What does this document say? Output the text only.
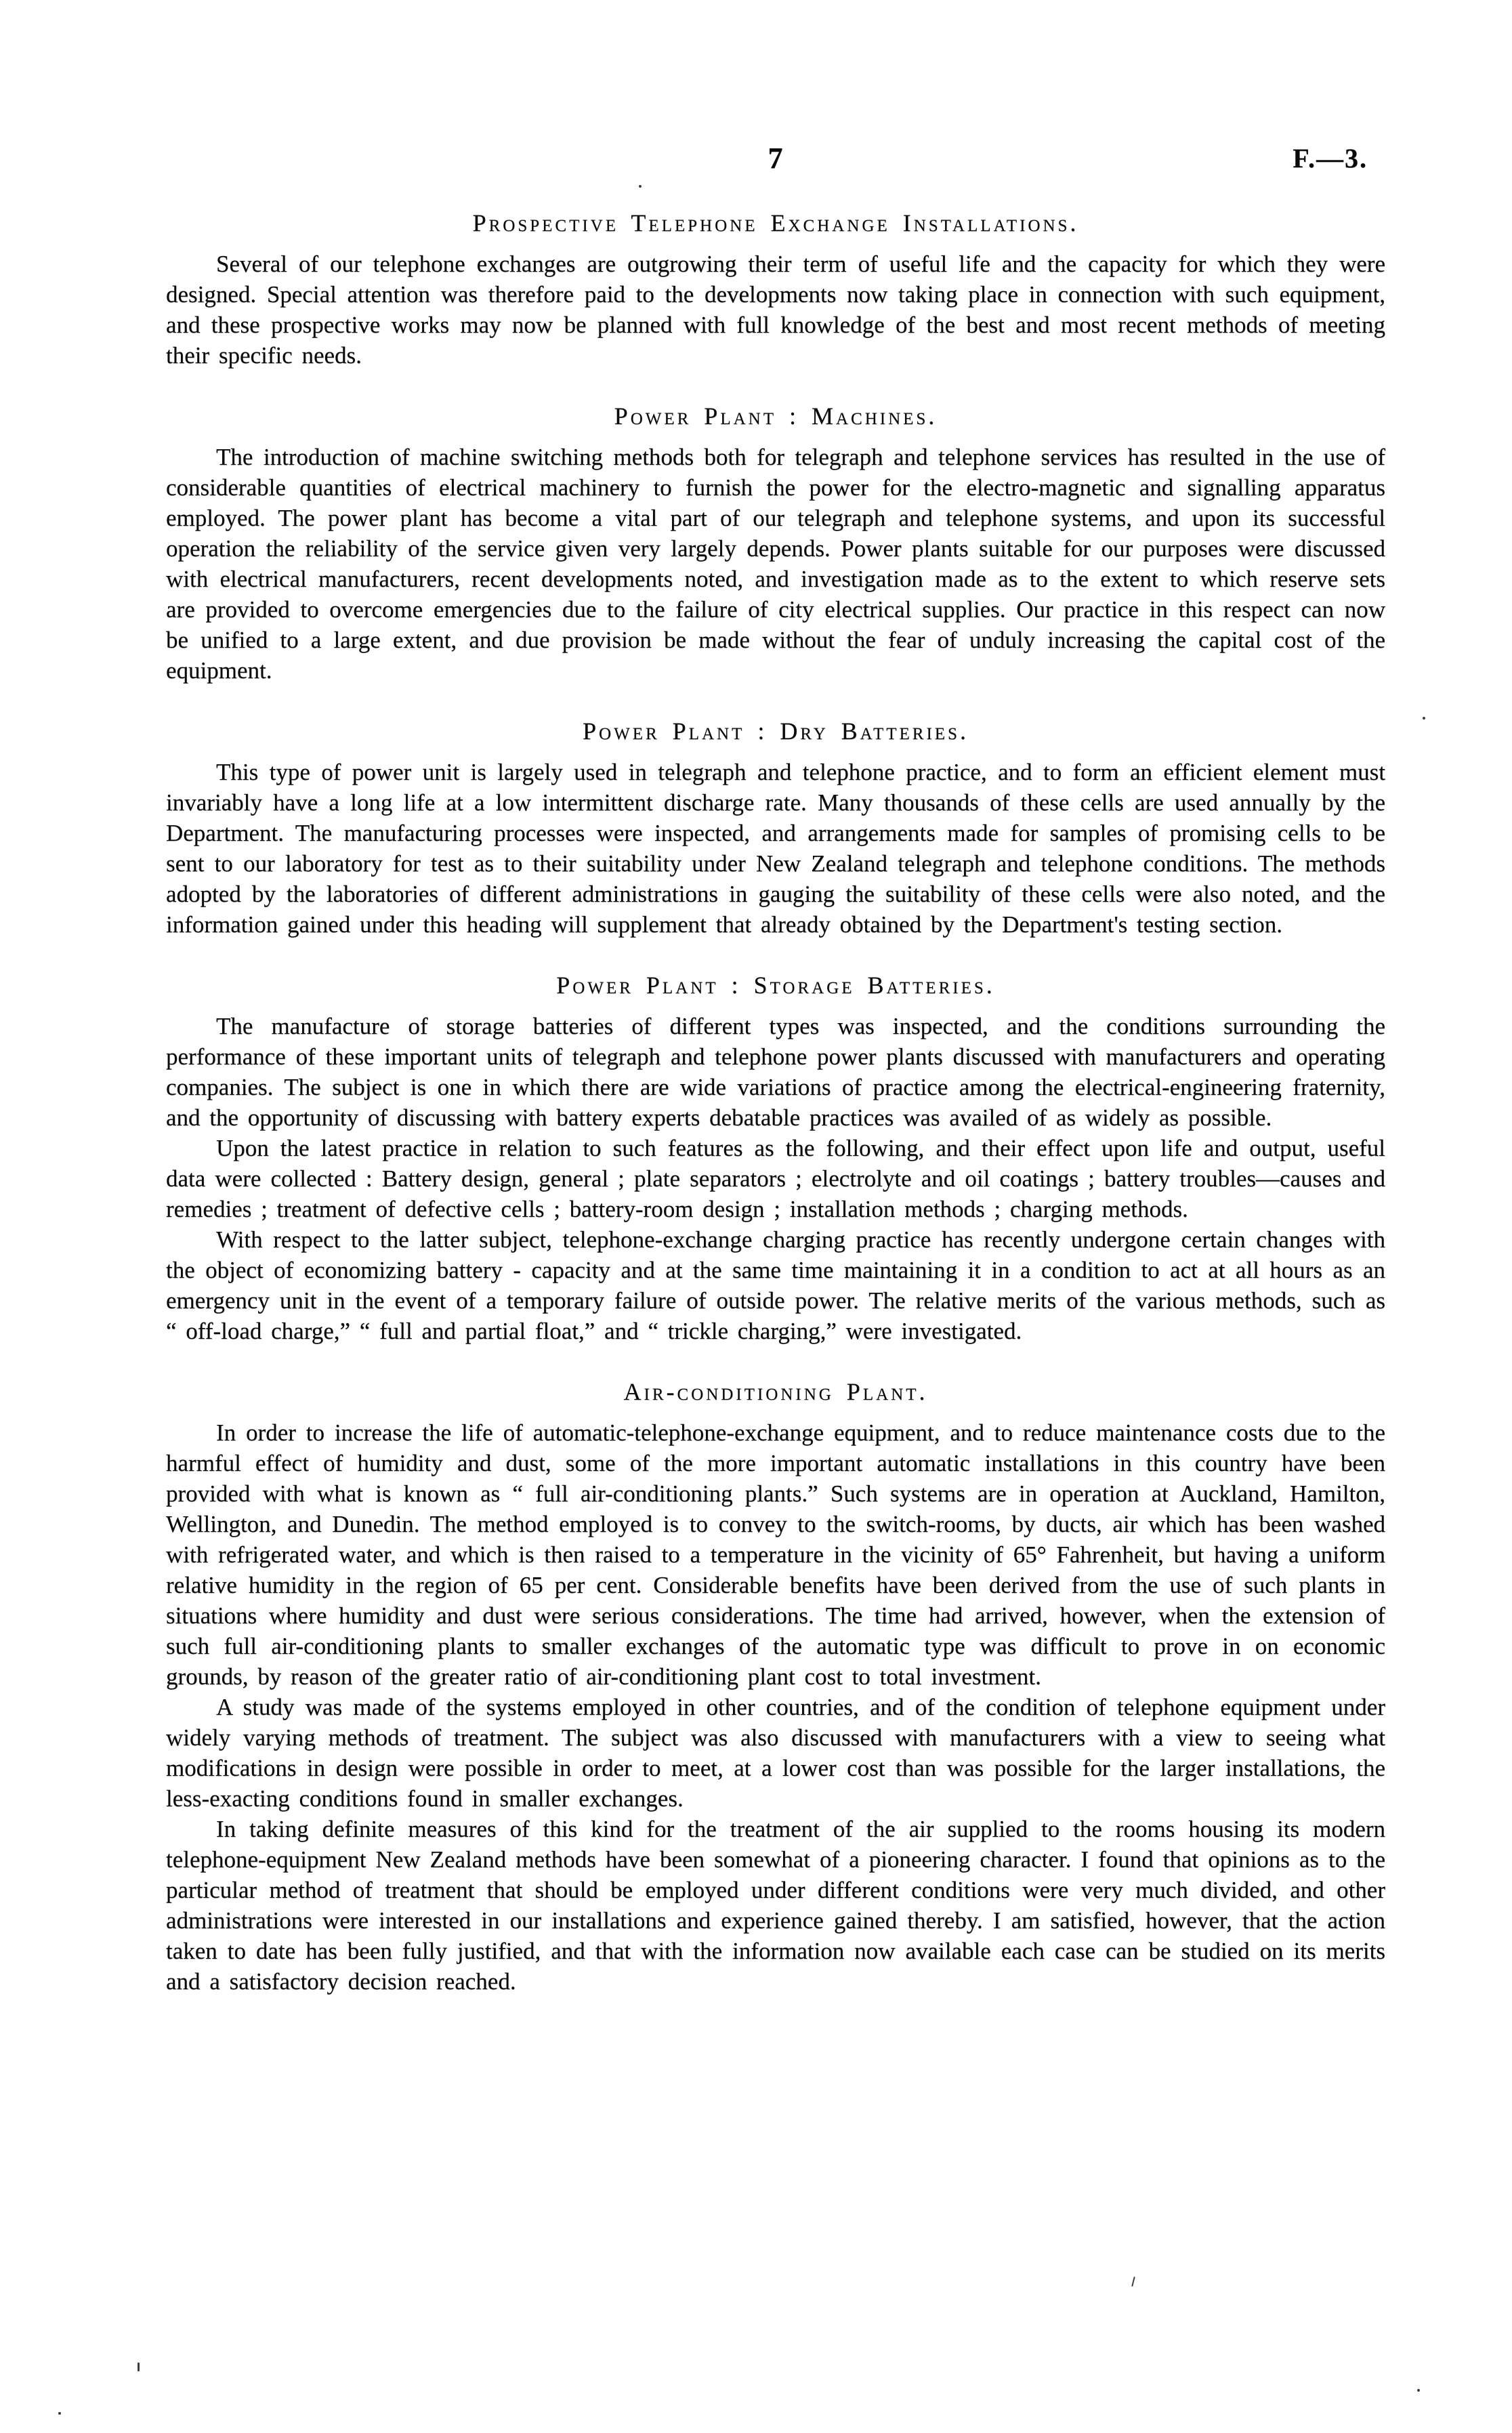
7	F.—3.
Prospective Telephone Exchange Installations.

Several of our telephone exchanges are outgrowing their term of useful life and the capacity for which they were designed. Special attention was therefore paid to the developments now taking place in connection with such equipment, and these prospective works may now be planned with full knowledge of the best and most recent methods of meeting their specific needs.

Power Plant : Machines.

The introduction of machine switching methods both for telegraph and telephone services has resulted in the use of considerable quantities of electrical machinery to furnish the power for the electro-magnetic and signalling apparatus employed. The power plant has become a vital part of our telegraph and telephone systems, and upon its successful operation the reliability of the service given very largely depends. Power plants suitable for our purposes were discussed with electrical manufacturers, recent developments noted, and investigation made as to the extent to which reserve sets are provided to overcome emergencies due to the failure of city electrical supplies. Our practice in this respect can now be unified to a large extent, and due provision be made without the fear of unduly increasing the capital cost of the equipment.

Power Plant : Dry Batteries.

This type of power unit is largely used in telegraph and telephone practice, and to form an efficient element must invariably have a long life at a low intermittent discharge rate. Many thousands of these cells are used annually by the Department. The manufacturing processes were inspected, and arrangements made for samples of promising cells to be sent to our laboratory for test as to their suitability under New Zealand telegraph and telephone conditions. The methods adopted by the laboratories of different administrations in gauging the suitability of these cells were also noted, and the information gained under this heading will supplement that already obtained by the Department's testing section.

Power Plant : Storage Batteries.

The manufacture of storage batteries of different types was inspected, and the conditions surrounding the performance of these important units of telegraph and telephone power plants discussed with manufacturers and operating companies. The subject is one in which there are wide variations of practice among the electrical-engineering fraternity, and the opportunity of discussing with battery experts debatable practices was availed of as widely as possible.

Upon the latest practice in relation to such features as the following, and their effect upon life and output, useful data were collected : Battery design, general ; plate separators ; electrolyte and oil coatings ; battery troubles—causes and remedies ; treatment of defective cells ; battery-room design ; installation methods ; charging methods.

With respect to the latter subject, telephone-exchange charging practice has recently undergone certain changes with the object of economizing battery - capacity and at the same time maintaining it in a condition to act at all hours as an emergency unit in the event of a temporary failure of outside power. The relative merits of the various methods, such as “ off-load charge,” “ full and partial float,” and “ trickle charging,” were investigated.

Air-conditioning Plant.

In order to increase the life of automatic-telephone-exchange equipment, and to reduce maintenance costs due to the harmful effect of humidity and dust, some of the more important automatic installations in this country have been provided with what is known as “ full air-conditioning plants.” Such systems are in operation at Auckland, Hamilton, Wellington, and Dunedin. The method employed is to convey to the switch-rooms, by ducts, air which has been washed with refrigerated water, and which is then raised to a temperature in the vicinity of 65° Fahrenheit, but having a uniform relative humidity in the region of 65 per cent. Considerable benefits have been derived from the use of such plants in situations where humidity and dust were serious considerations. The time had arrived, however, when the extension of such full air-conditioning plants to smaller exchanges of the automatic type was difficult to prove in on economic grounds, by reason of the greater ratio of air-conditioning plant cost to total investment.

A study was made of the systems employed in other countries, and of the condition of telephone equipment under widely varying methods of treatment. The subject was also discussed with manufacturers with a view to seeing what modifications in design were possible in order to meet, at a lower cost than was possible for the larger installations, the less-exacting conditions found in smaller exchanges.

In taking definite measures of this kind for the treatment of the air supplied to the rooms housing its modern telephone-equipment New Zealand methods have been somewhat of a pioneering character. I found that opinions as to the particular method of treatment that should be employed under different conditions were very much divided, and other administrations were interested in our installations and experience gained thereby. I am satisfied, however, that the action taken to date has been fully justified, and that with the information now available each case can be studied on its merits and a satisfactory decision reached.
